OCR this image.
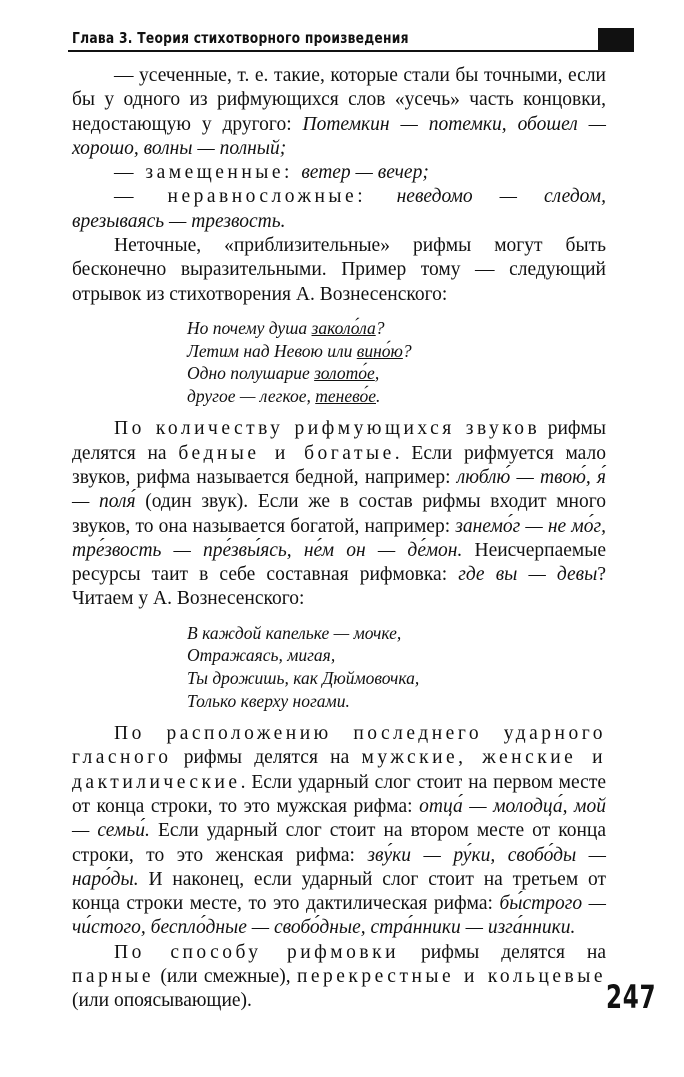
Глава 3. Теория стихотворного произведения

— усеченные, т. е. такие, которые стали бы точными, если бы у одного из рифмующихся слов «усечь» часть концовки, недостающую у другого: Потемкин — потемки, обошел — хорошо, волны — полный;

— замещенные: ветер — вечер;

— неравносложные: неведомо — следом, врезываясь — трезвость.

Неточные, «приблизительные» рифмы могут быть бесконечно выразительными. Пример тому — следующий отрывок из стихотворения А. Вознесенского:

Но почему душа заколо́ла?
Летим над Невою или вино́ю?
Одно полушарие золото́е,
другое — легкое, тенево́е.

По количеству рифмующихся звуков рифмы делятся на бедные и богатые. Если рифмуется мало звуков, рифма называется бедной, например: люблю́ — твою́, я́ — поля́ (один звук). Если же в состав рифмы входит много звуков, то она называется богатой, например: занемо́г — не мо́г, тре́звость — пре́звы́ясь, не́м он — де́мон. Неисчерпаемые ресурсы таит в себе составная рифмовка: где вы — девы? Читаем у А. Вознесенского:

В каждой капельке — мочке,
Отражаясь, мигая,
Ты дрожишь, как Дюймовочка,
Только кверху ногами.

По расположению последнего ударного гласного рифмы делятся на мужские, женские и дактилические. Если ударный слог стоит на первом месте от конца строки, то это мужская рифма: отца́ — молодца́, мой — семьи́. Если ударный слог стоит на втором месте от конца строки, то это женская рифма: зву́ки — ру́ки, свобо́ды — наро́ды. И наконец, если ударный слог стоит на третьем от конца строки месте, то это дактилическая рифма: бы́строго — чи́стого, беспло́дные — свобо́дные, стра́нники — изга́нники.

По способу рифмовки рифмы делятся на парные (или смежные), перекрестные и кольцевые (или опоясывающие).	247
